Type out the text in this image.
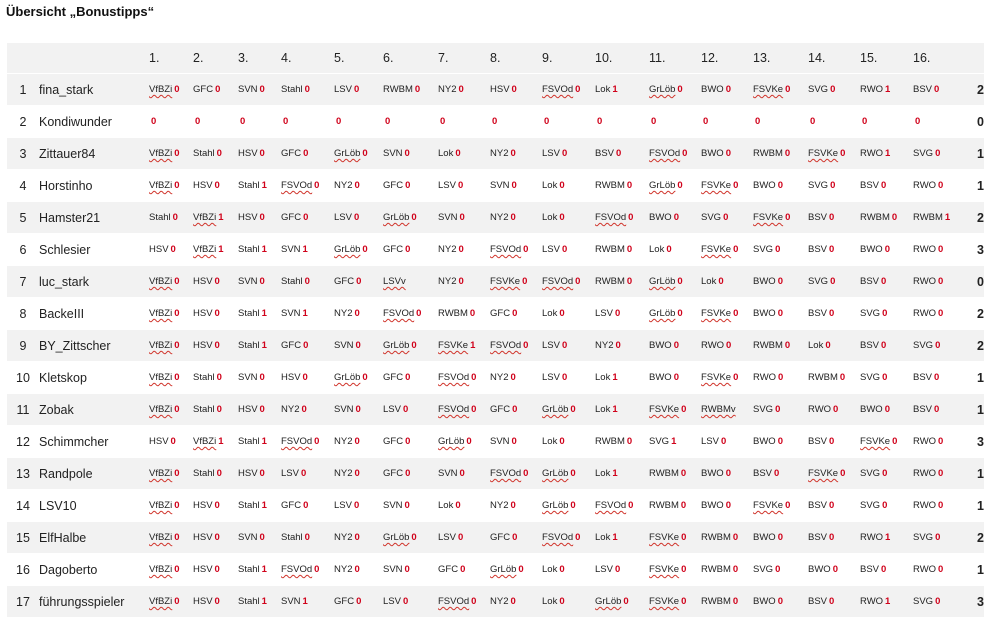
Übersicht „Bonustipps“
		1.	2.	3.	4.	5.	6.	7.	8.	9.	10.	11.	12.	13.	14.	15.	16.	
1	fina_stark	VfBZi 0	GFC 0	SVN 0	Stahl 0	LSV 0	RWBM 0	NY2 0	HSV 0	FSVOd 0	Lok 1	GrLöb 0	BWO 0	FSVKe 0	SVG 0	RWO 1	BSV 0	2
2	Kondiwunder	0	0	0	0	0	0	0	0	0	0	0	0	0	0	0	0	0
3	Zittauer84	VfBZi 0	Stahl 0	HSV 0	GFC 0	GrLöb 0	SVN 0	Lok 0	NY2 0	LSV 0	BSV 0	FSVOd 0	BWO 0	RWBM 0	FSVKe 0	RWO 1	SVG 0	1
4	Horstinho	VfBZi 0	HSV 0	Stahl 1	FSVOd 0	NY2 0	GFC 0	LSV 0	SVN 0	Lok 0	RWBM 0	GrLöb 0	FSVKe 0	BWO 0	SVG 0	BSV 0	RWO 0	1
5	Hamster21	Stahl 0	VfBZi 1	HSV 0	GFC 0	LSV 0	GrLöb 0	SVN 0	NY2 0	Lok 0	FSVOd 0	BWO 0	SVG 0	FSVKe 0	BSV 0	RWBM 0	RWBM 1	2
6	Schlesier	HSV 0	VfBZi 1	Stahl 1	SVN 1	GrLöb 0	GFC 0	NY2 0	FSVOd 0	LSV 0	RWBM 0	Lok 0	FSVKe 0	SVG 0	BSV 0	BWO 0	RWO 0	3
7	luc_stark	VfBZi 0	HSV 0	SVN 0	Stahl 0	GFC 0	LSVv	NY2 0	FSVKe 0	FSVOd 0	RWBM 0	GrLöb 0	Lok 0	BWO 0	SVG 0	BSV 0	RWO 0	0
8	BackeIII	VfBZi 0	HSV 0	Stahl 1	SVN 1	NY2 0	FSVOd 0	RWBM 0	GFC 0	Lok 0	LSV 0	GrLöb 0	FSVKe 0	BWO 0	BSV 0	SVG 0	RWO 0	2
9	BY_Zittscher	VfBZi 0	HSV 0	Stahl 1	GFC 0	SVN 0	GrLöb 0	FSVKe 1	FSVOd 0	LSV 0	NY2 0	BWO 0	RWO 0	RWBM 0	Lok 0	BSV 0	SVG 0	2
10	Kletskop	VfBZi 0	Stahl 0	SVN 0	HSV 0	GrLöb 0	GFC 0	FSVOd 0	NY2 0	LSV 0	Lok 1	BWO 0	FSVKe 0	RWO 0	RWBM 0	SVG 0	BSV 0	1
11	Zobak	VfBZi 0	Stahl 0	HSV 0	NY2 0	SVN 0	LSV 0	FSVOd 0	GFC 0	GrLöb 0	Lok 1	FSVKe 0	RWBMv	SVG 0	RWO 0	BWO 0	BSV 0	1
12	Schimmcher	HSV 0	VfBZi 1	Stahl 1	FSVOd 0	NY2 0	GFC 0	GrLöb 0	SVN 0	Lok 0	RWBM 0	SVG 1	LSV 0	BWO 0	BSV 0	FSVKe 0	RWO 0	3
13	Randpole	VfBZi 0	Stahl 0	HSV 0	LSV 0	NY2 0	GFC 0	SVN 0	FSVOd 0	GrLöb 0	Lok 1	RWBM 0	BWO 0	BSV 0	FSVKe 0	SVG 0	RWO 0	1
14	LSV10	VfBZi 0	HSV 0	Stahl 1	GFC 0	LSV 0	SVN 0	Lok 0	NY2 0	GrLöb 0	FSVOd 0	RWBM 0	BWO 0	FSVKe 0	BSV 0	SVG 0	RWO 0	1
15	ElfHalbe	VfBZi 0	HSV 0	SVN 0	Stahl 0	NY2 0	GrLöb 0	LSV 0	GFC 0	FSVOd 0	Lok 1	FSVKe 0	RWBM 0	BWO 0	BSV 0	RWO 1	SVG 0	2
16	Dagoberto	VfBZi 0	HSV 0	Stahl 1	FSVOd 0	NY2 0	SVN 0	GFC 0	GrLöb 0	Lok 0	LSV 0	FSVKe 0	RWBM 0	SVG 0	BWO 0	BSV 0	RWO 0	1
17	führungsspieler	VfBZi 0	HSV 0	Stahl 1	SVN 1	GFC 0	LSV 0	FSVOd 0	NY2 0	Lok 0	GrLöb 0	FSVKe 0	RWBM 0	BWO 0	BSV 0	RWO 1	SVG 0	3
